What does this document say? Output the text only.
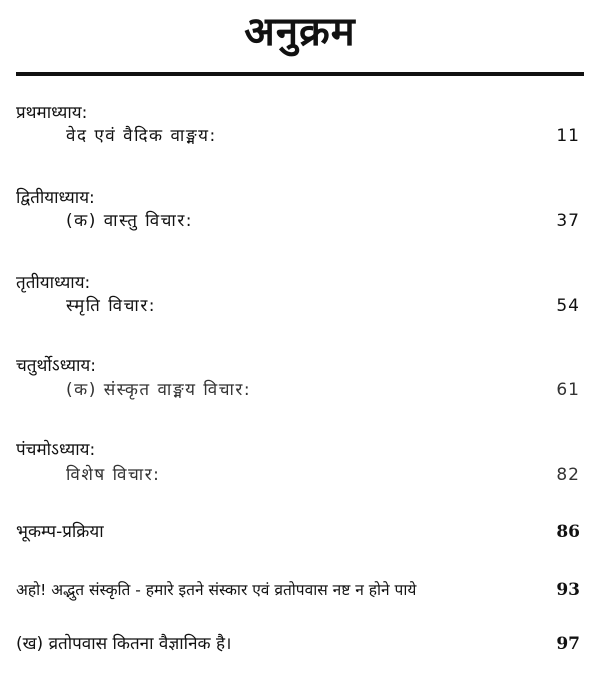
अनुक्रम
प्रथमाध्याय:
वेद एवं वैदिक वाङ्मय:	11
द्वितीयाध्याय:
(क) वास्तु विचार:	37
तृतीयाध्याय:
स्मृति विचार:	54
चतुर्थोऽध्याय:
(क) संस्कृत वाङ्मय विचार:	61
पंचमोऽध्याय:
विशेष विचार:	82
भूकम्प-प्रक्रिया	86
अहो! अद्भुत संस्कृति - हमारे इतने संस्कार एवं व्रतोपवास नष्ट न होने पाये	93
(ख) व्रतोपवास कितना वैज्ञानिक है।	97
